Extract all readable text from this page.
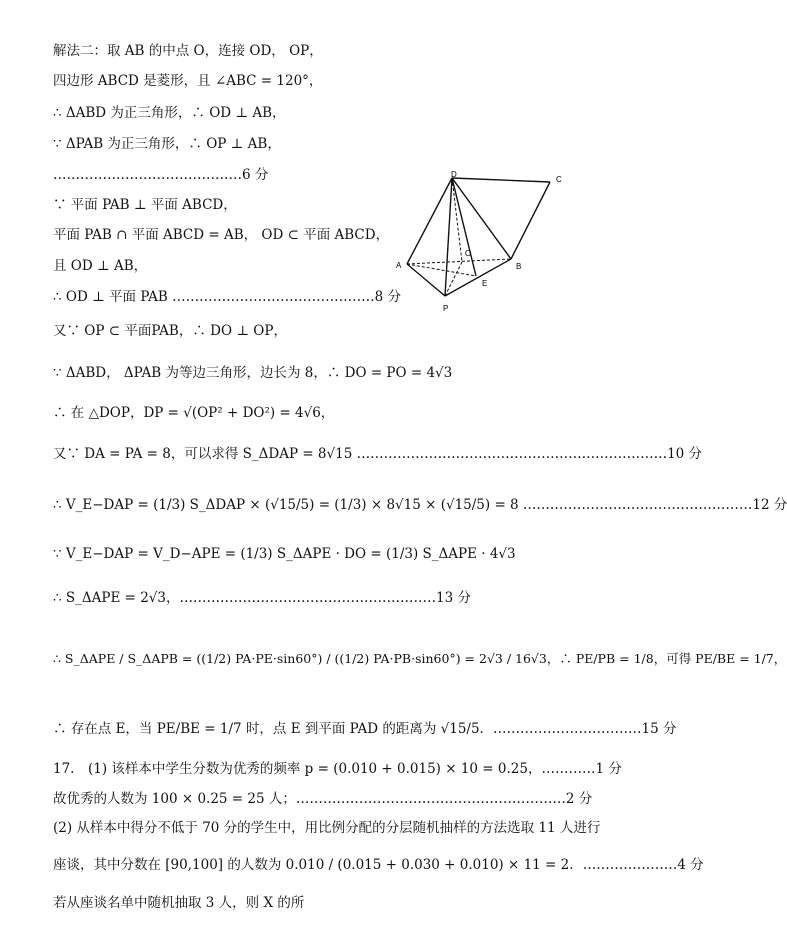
解法二：取 AB 的中点 O，连接 OD， OP，
四边形 ABCD 是菱形，且 ∠ABC = 120°，
∴ ΔABD 为正三角形，∴ OD ⊥ AB，
∵ ΔPAB 为正三角形，∴ OP ⊥ AB，
……………………………………6 分
∵ 平面 PAB ⊥ 平面 ABCD，
平面 PAB ∩ 平面 ABCD = AB， OD ⊂ 平面 ABCD，
且 OD ⊥ AB，
∴ OD ⊥ 平面 PAB ………………………………………8 分
又∵ OP ⊂ 平面PAB，∴ DO ⊥ OP，
∵ ΔABD， ΔPAB 为等边三角形，边长为 8，∴ DO = PO = 4√3
∴ 在 △DOP，DP = √(OP² + DO²) = 4√6，
又∵ DA = PA = 8，可以求得 S_ΔDAP = 8√15 ……………………………………………………………10 分
∴ V_E−DAP = (1/3) S_ΔDAP × (√15/5) = (1/3) × 8√15 × (√15/5) = 8 ……………………………………………12 分
∵ V_E−DAP = V_D−APE = (1/3) S_ΔAPE · DO = (1/3) S_ΔAPE · 4√3
∴ S_ΔAPE = 2√3，…………………………………………………13 分
∴ S_ΔAPE / S_ΔAPB = ((1/2) PA·PE·sin60°) / ((1/2) PA·PB·sin60°) = 2√3 / 16√3，∴ PE/PB = 1/8，可得 PE/BE = 1/7，
∴ 存在点 E，当 PE/BE = 1/7 时，点 E 到平面 PAD 的距离为 √15/5．……………………………15 分
17.　(1) 该样本中学生分数为优秀的频率 p = (0.010 + 0.015) × 10 = 0.25，…………1 分
故优秀的人数为 100 × 0.25 = 25 人；……………………………………………………2 分
(2) 从样本中得分不低于 70 分的学生中，用比例分配的分层随机抽样的方法选取 11 人进行
座谈，其中分数在 [90,100] 的人数为 0.010 / (0.015 + 0.030 + 0.010) × 11 = 2．…………………4 分
若从座谈名单中随机抽取 3 人，则 X 的所
D
C
A	B
O
E
P
